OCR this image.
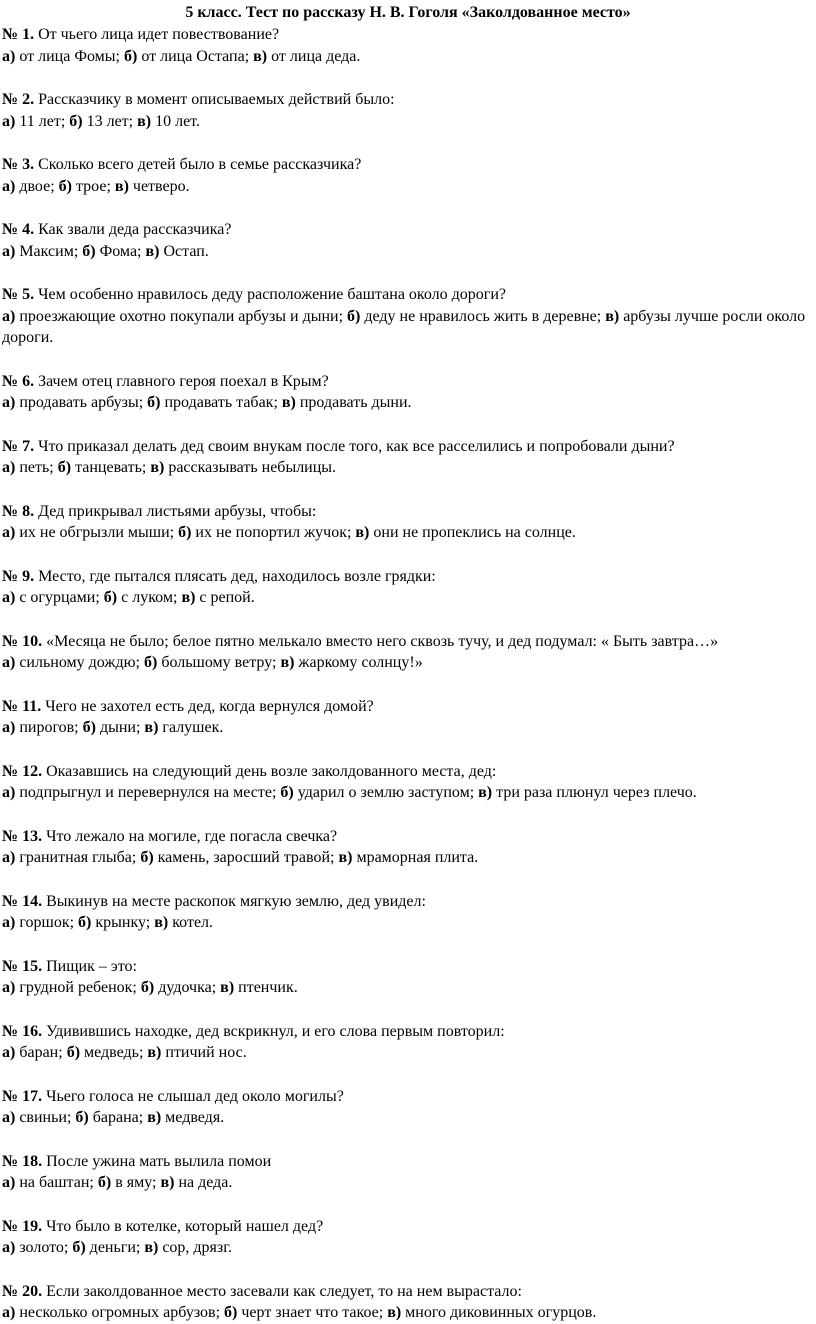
5 класс. Тест по рассказу Н. В. Гоголя «Заколдованное место»
№ 1. От чьего лица идет повествование?
а) от лица Фомы; б) от лица Остапа; в) от лица деда.
№ 2. Рассказчику в момент описываемых действий было:
а) 11 лет; б) 13 лет; в) 10 лет.
№ 3. Сколько всего детей было в семье рассказчика?
а) двое; б) трое; в) четверо.
№ 4. Как звали деда рассказчика?
а) Максим; б) Фома; в) Остап.
№ 5. Чем особенно нравилось деду расположение баштана около дороги?
а) проезжающие охотно покупали арбузы и дыни; б) деду не нравилось жить в деревне; в) арбузы лучше росли около дороги.
№ 6. Зачем отец главного героя поехал в Крым?
а) продавать арбузы; б) продавать табак; в) продавать дыни.
№ 7. Что приказал делать дед своим внукам после того, как все расселились и попробовали дыни?
а) петь; б) танцевать; в) рассказывать небылицы.
№ 8. Дед прикрывал листьями арбузы, чтобы:
а) их не обгрызли мыши; б) их не попортил жучок; в) они не пропеклись на солнце.
№ 9. Место, где пытался плясать дед, находилось возле грядки:
а) с огурцами; б) с луком; в) с репой.
№ 10. «Месяца не было; белое пятно мелькало вместо него сквозь тучу, и дед подумал: « Быть завтра…»
а) сильному дождю; б) большому ветру; в) жаркому солнцу!»
№ 11. Чего не захотел есть дед, когда вернулся домой?
а) пирогов; б) дыни; в) галушек.
№ 12. Оказавшись на следующий день возле заколдованного места, дед:
а) подпрыгнул и перевернулся на месте; б) ударил о землю заступом; в) три раза плюнул через плечо.
№ 13. Что лежало на могиле, где погасла свечка?
а) гранитная глыба; б) камень, заросший травой; в) мраморная плита.
№ 14. Выкинув на месте раскопок мягкую землю, дед увидел:
а) горшок; б) крынку; в) котел.
№ 15. Пищик – это:
а) грудной ребенок; б) дудочка; в) птенчик.
№ 16. Удивившись находке, дед вскрикнул, и его слова первым повторил:
а) баран; б) медведь; в) птичий нос.
№ 17. Чьего голоса не слышал дед около могилы?
а) свиньи; б) барана; в) медведя.
№ 18. После ужина мать вылила помои
а) на баштан; б) в яму; в) на деда.
№ 19. Что было в котелке, который нашел дед?
а) золото; б) деньги; в) сор, дрязг.
№ 20. Если заколдованное место засевали как следует, то на нем вырастало:
а) несколько огромных арбузов; б) черт знает что такое; в) много диковинных огурцов.
